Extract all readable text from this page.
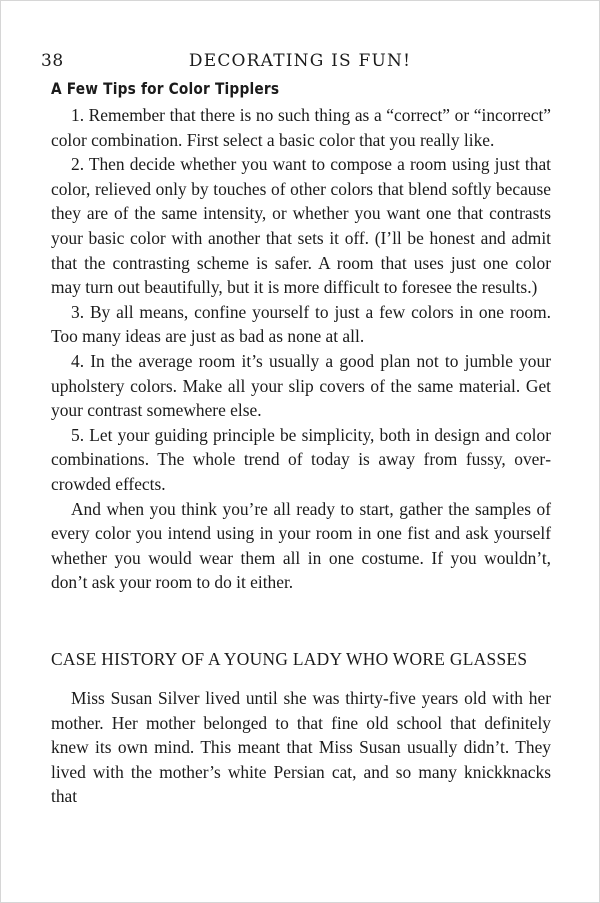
38	DECORATING IS FUN!
A Few Tips for Color Tipplers

1. Remember that there is no such thing as a “correct” or “incorrect” color combination. First select a basic color that you really like.

2. Then decide whether you want to compose a room using just that color, relieved only by touches of other colors that blend softly because they are of the same intensity, or whether you want one that contrasts your basic color with another that sets it off. (I’ll be honest and admit that the contrasting scheme is safer. A room that uses just one color may turn out beautifully, but it is more difficult to foresee the results.)

3. By all means, confine yourself to just a few colors in one room. Too many ideas are just as bad as none at all.

4. In the average room it’s usually a good plan not to jumble your upholstery colors. Make all your slip covers of the same material. Get your contrast somewhere else.

5. Let your guiding principle be simplicity, both in design and color combinations. The whole trend of today is away from fussy, overcrowded effects.

And when you think you’re all ready to start, gather the samples of every color you intend using in your room in one fist and ask yourself whether you would wear them all in one costume. If you wouldn’t, don’t ask your room to do it either.

CASE HISTORY OF A YOUNG LADY WHO WORE GLASSES

Miss Susan Silver lived until she was thirty-five years old with her mother. Her mother belonged to that fine old school that definitely knew its own mind. This meant that Miss Susan usually didn’t. They lived with the mother’s white Persian cat, and so many knickknacks that
